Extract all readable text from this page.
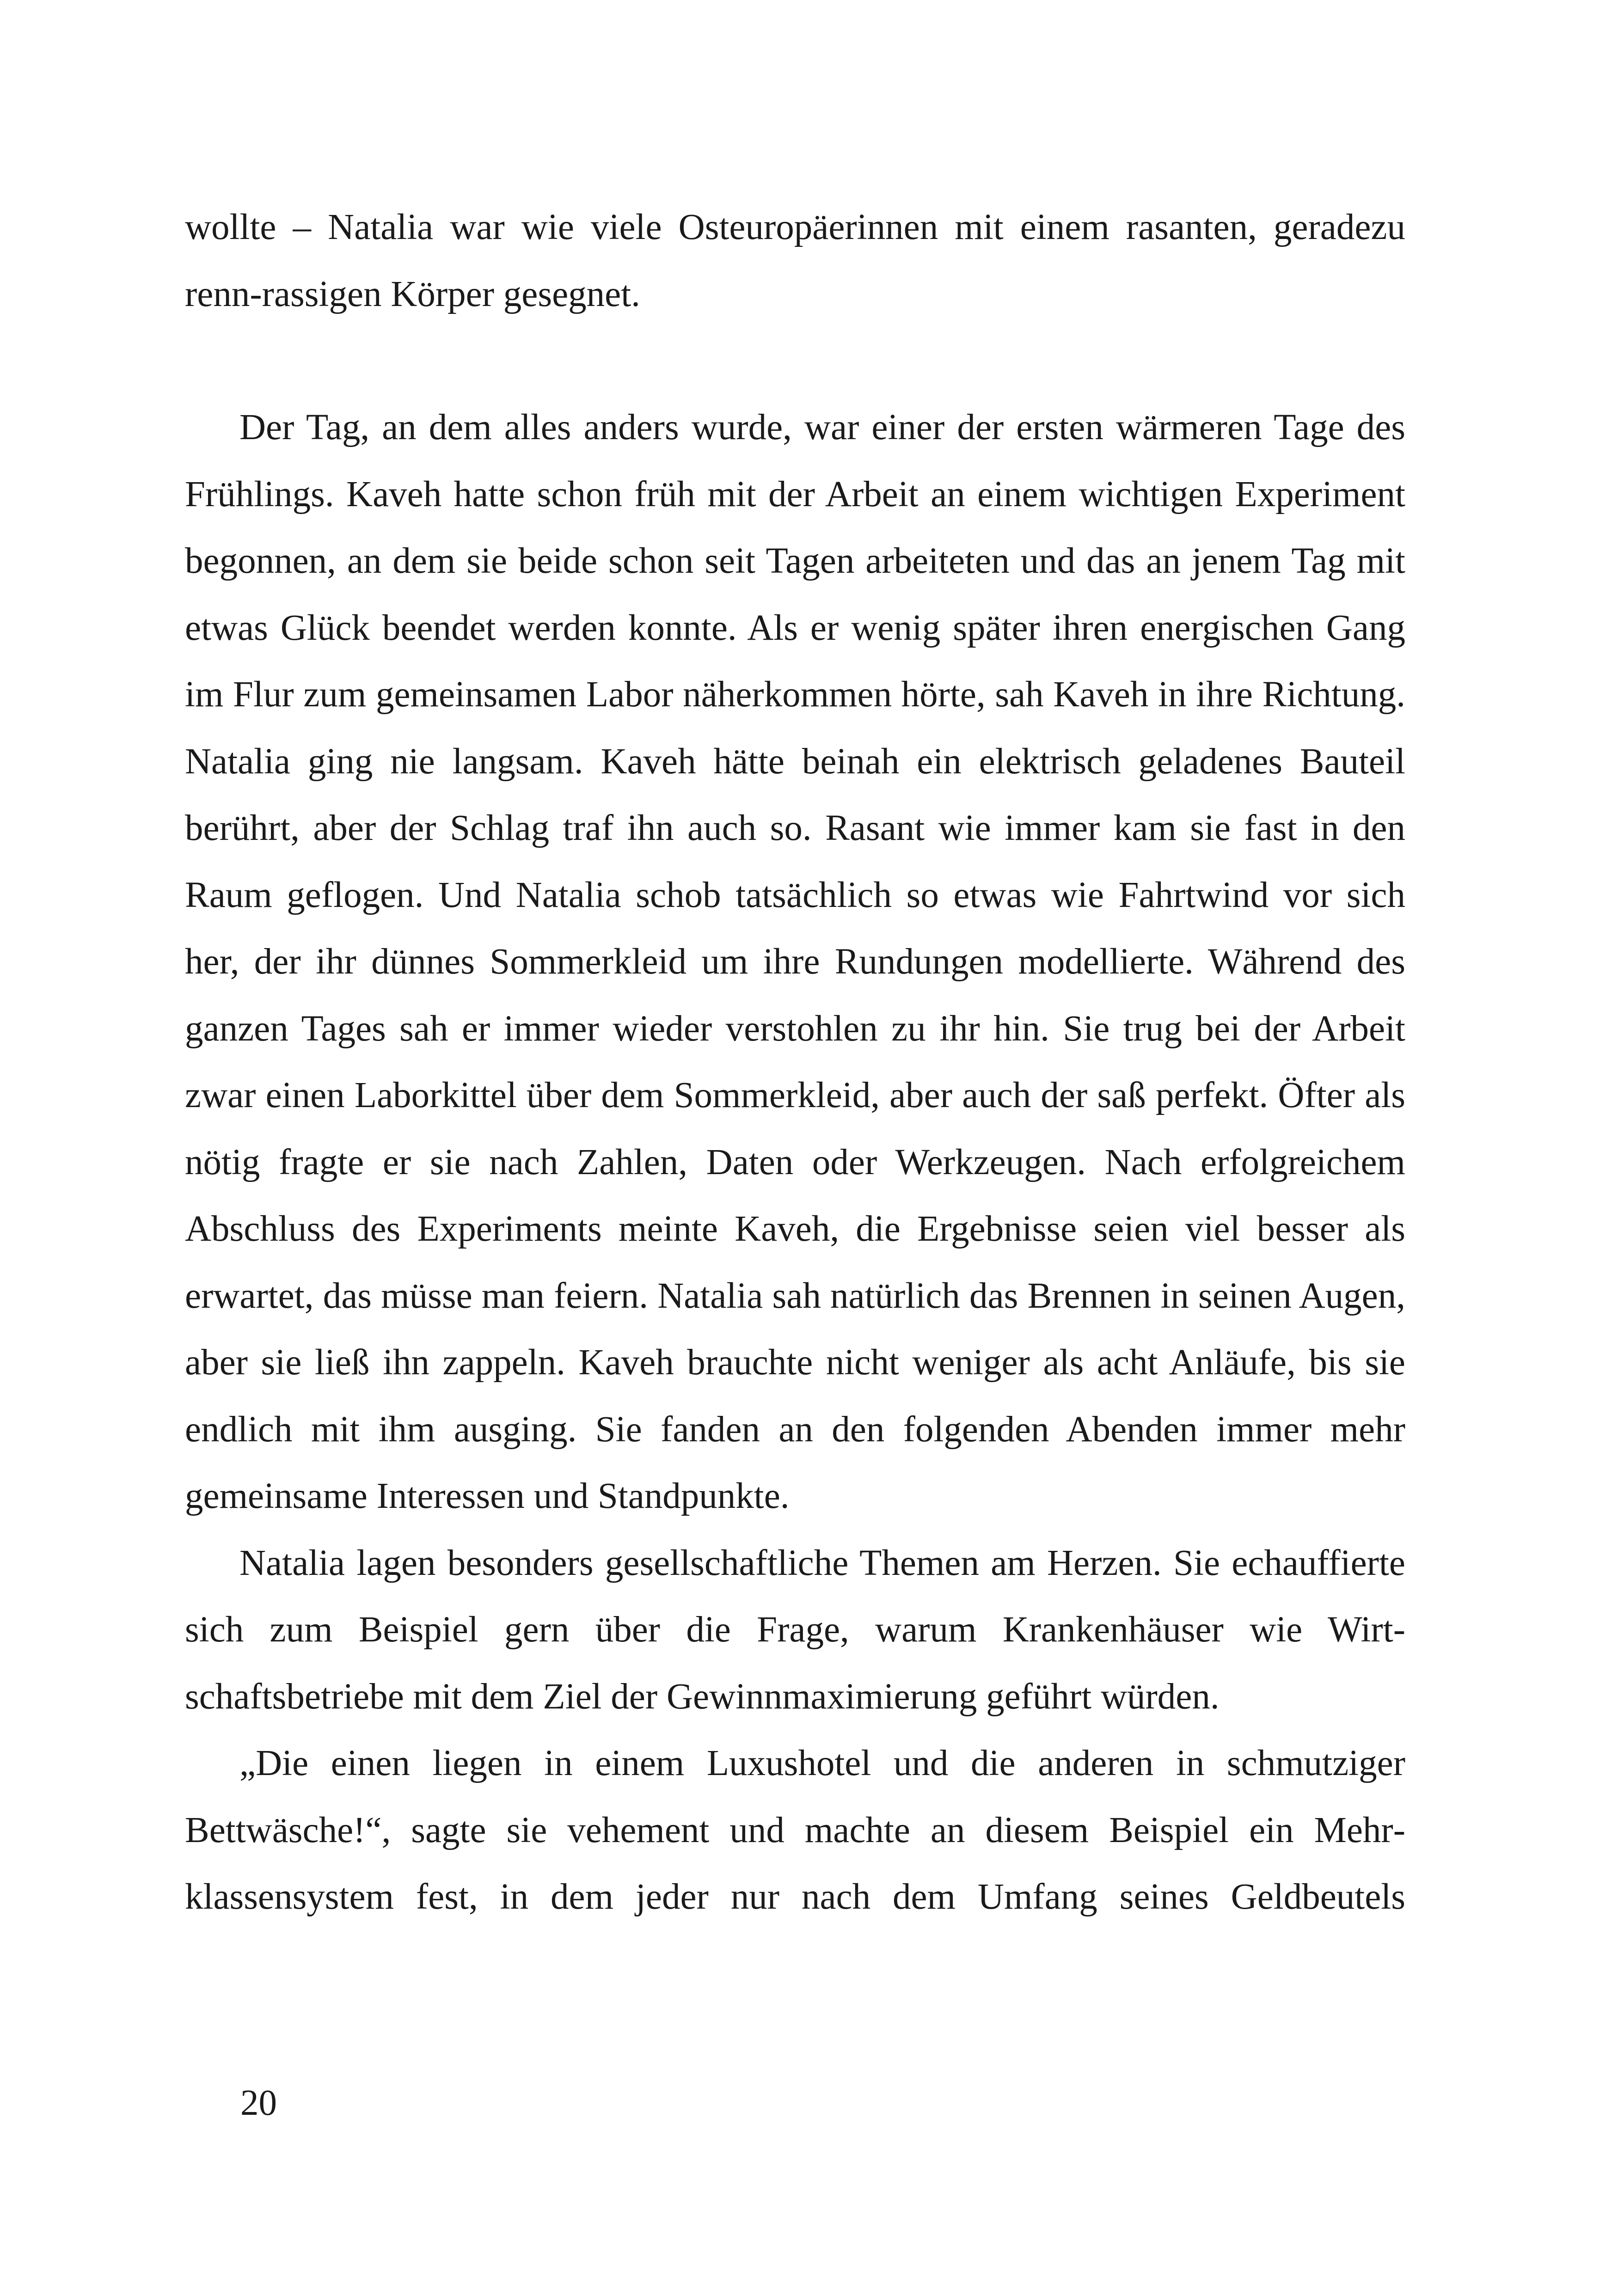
wollte – Natalia war wie viele Osteuropäerinnen mit einem rasanten, geradezu renn-rassigen Körper gesegnet.

Der Tag, an dem alles anders wurde, war einer der ersten wärmeren Tage des Frühlings. Kaveh hatte schon früh mit der Arbeit an einem wichtigen Experiment begonnen, an dem sie beide schon seit Tagen arbeiteten und das an jenem Tag mit etwas Glück beendet werden konnte. Als er wenig später ihren energischen Gang im Flur zum gemeinsamen Labor näherkommen hörte, sah Kaveh in ihre Richtung. Natalia ging nie langsam. Kaveh hätte beinah ein elektrisch geladenes Bauteil berührt, aber der Schlag traf ihn auch so. Rasant wie immer kam sie fast in den Raum geflogen. Und Natalia schob tatsächlich so etwas wie Fahrtwind vor sich her, der ihr dünnes Sommerkleid um ihre Rundungen modellierte. Während des ganzen Tages sah er immer wieder verstohlen zu ihr hin. Sie trug bei der Arbeit zwar einen Laborkittel über dem Sommerkleid, aber auch der saß perfekt. Öfter als nötig fragte er sie nach Zahlen, Daten oder Werkzeugen. Nach erfolgreichem Abschluss des Experiments meinte Kaveh, die Ergebnisse seien viel besser als erwartet, das müsse man feiern. Natalia sah natürlich das Brennen in seinen Augen, aber sie ließ ihn zappeln. Kaveh brauchte nicht weniger als acht Anläufe, bis sie endlich mit ihm ausging. Sie fanden an den folgenden Abenden immer mehr gemeinsame Interessen und Standpunkte.

Natalia lagen besonders gesellschaftliche Themen am Herzen. Sie echauffierte sich zum Beispiel gern über die Frage, warum Krankenhäuser wie Wirtschaftsbetriebe mit dem Ziel der Gewinnmaximierung geführt würden.

„Die einen liegen in einem Luxushotel und die anderen in schmutziger Bettwäsche!“, sagte sie vehement und machte an diesem Beispiel ein Mehrklassensystem fest, in dem jeder nur nach dem Umfang seines Geldbeutels

20
